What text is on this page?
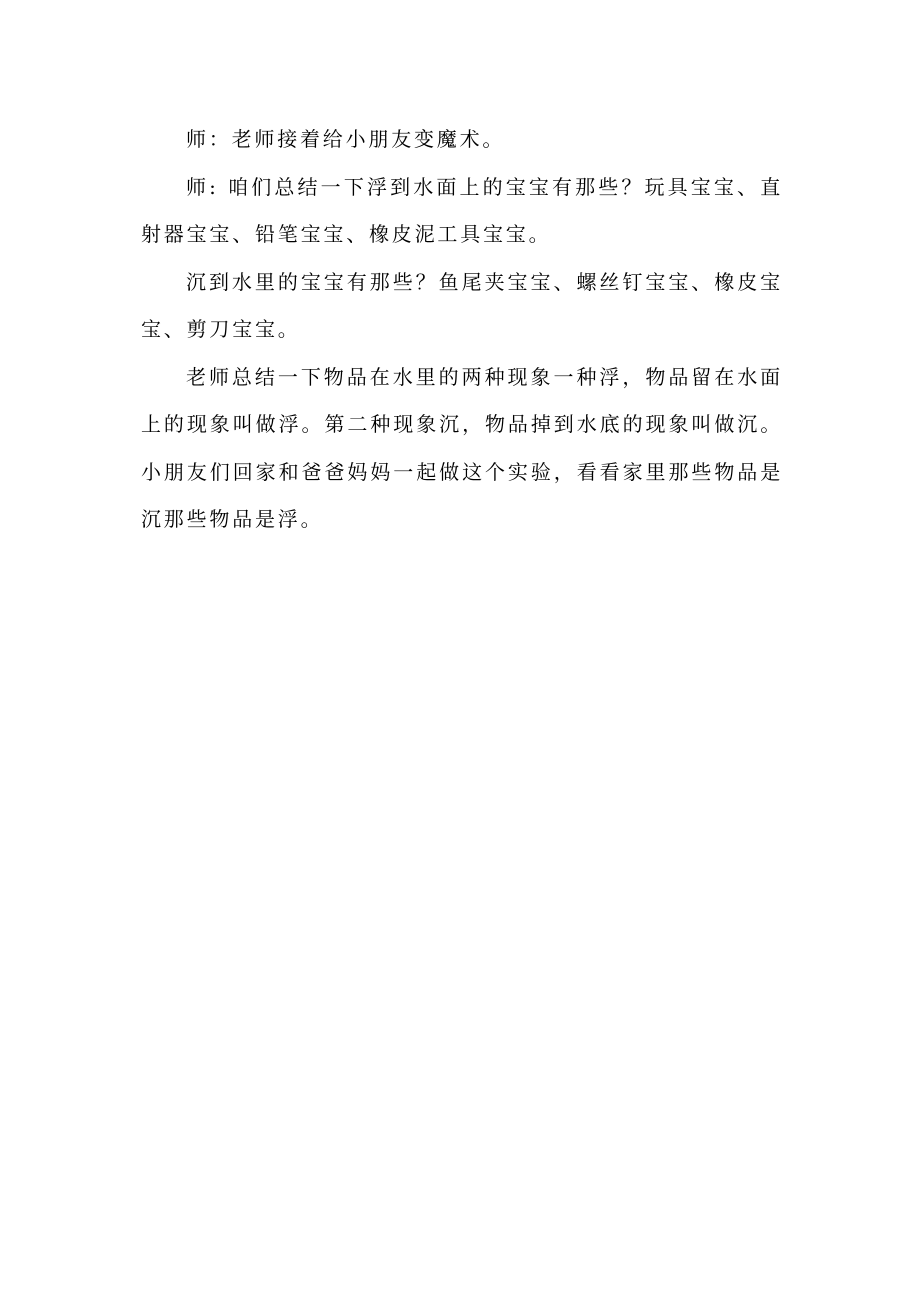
师：老师接着给小朋友变魔术。

师: 咱们总结一下浮到水面上的宝宝有那些？玩具宝宝、直射器宝宝、铅笔宝宝、橡皮泥工具宝宝。

沉到水里的宝宝有那些？鱼尾夹宝宝、螺丝钉宝宝、橡皮宝宝、剪刀宝宝。

老师总结一下物品在水里的两种现象一种浮，物品留在水面上的现象叫做浮。第二种现象沉，物品掉到水底的现象叫做沉。小朋友们回家和爸爸妈妈一起做这个实验，看看家里那些物品是沉那些物品是浮。
